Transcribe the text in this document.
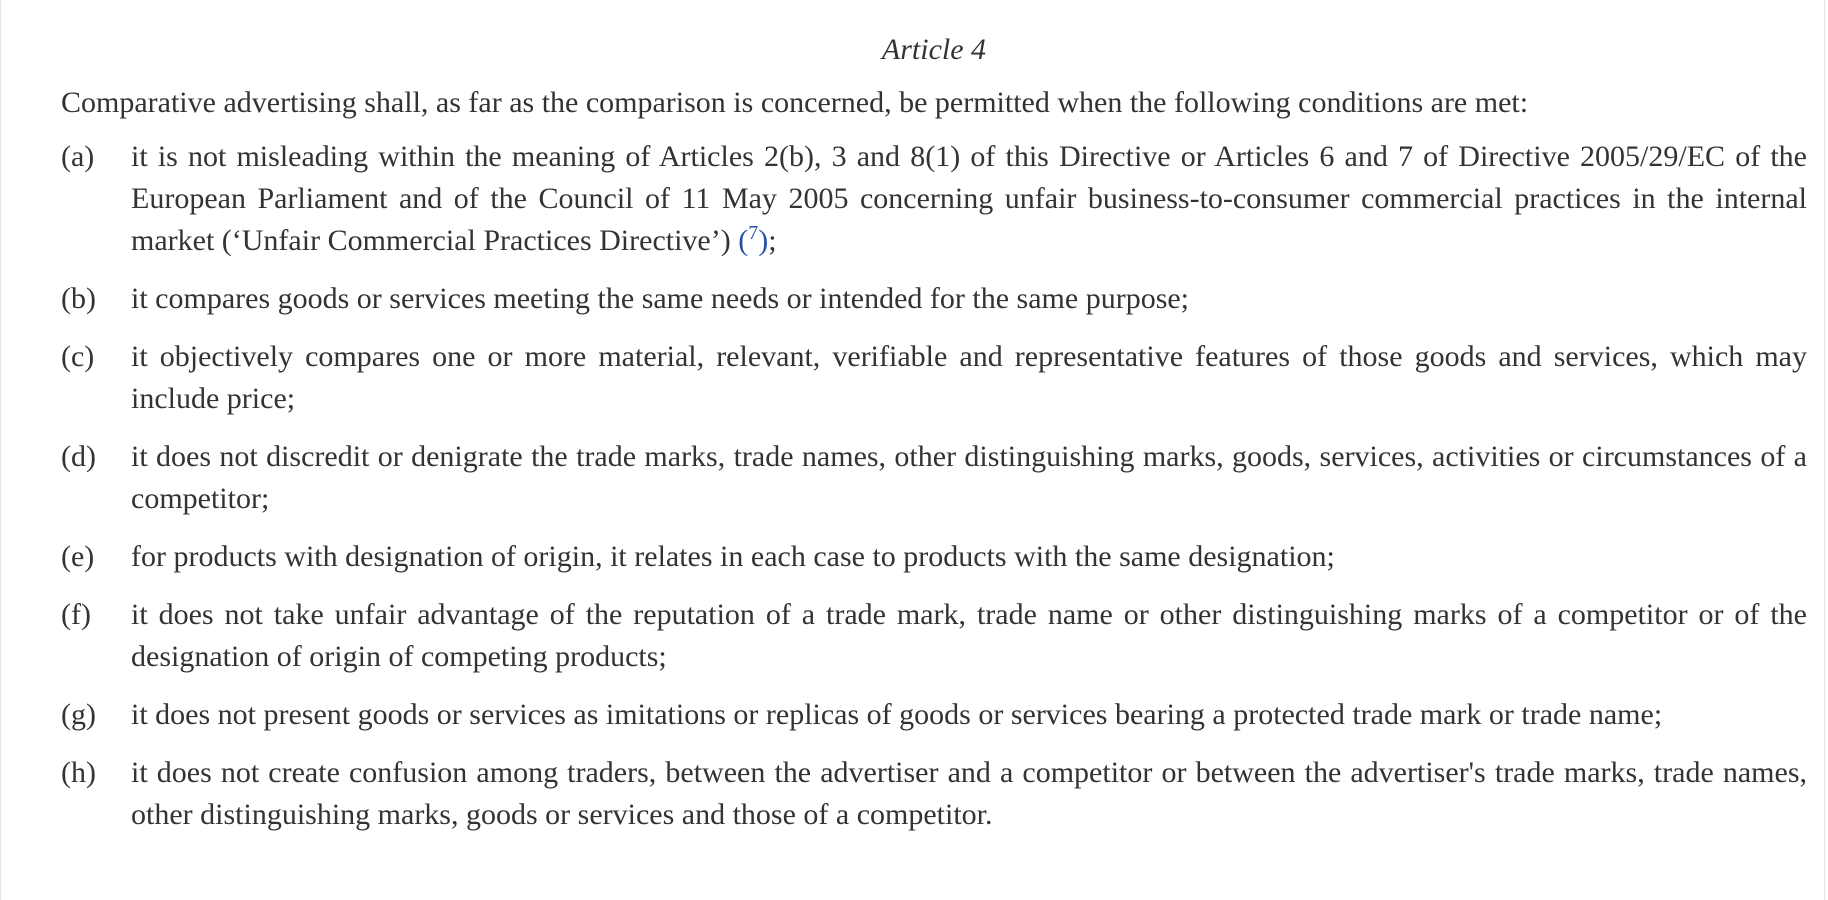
Article 4

Comparative advertising shall, as far as the comparison is concerned, be permitted when the following conditions are met:

(a)	it is not misleading within the meaning of Articles 2(b), 3 and 8(1) of this Directive or Articles 6 and 7 of Directive 2005/29/EC of the European Parliament and of the Council of 11 May 2005 concerning unfair business-to-consumer commercial practices in the internal market (‘Unfair Commercial Practices Directive’) ($^7$);
(b)	it compares goods or services meeting the same needs or intended for the same purpose;
(c)	it objectively compares one or more material, relevant, verifiable and representative features of those goods and services, which may include price;
(d)	it does not discredit or denigrate the trade marks, trade names, other distinguishing marks, goods, services, activities or circumstances of a competitor;
(e)	for products with designation of origin, it relates in each case to products with the same designation;
(f)	it does not take unfair advantage of the reputation of a trade mark, trade name or other distinguishing marks of a competitor or of the designation of origin of competing products;
(g)	it does not present goods or services as imitations or replicas of goods or services bearing a protected trade mark or trade name;
(h)	it does not create confusion among traders, between the advertiser and a competitor or between the advertiser's trade marks, trade names, other distinguishing marks, goods or services and those of a competitor.
